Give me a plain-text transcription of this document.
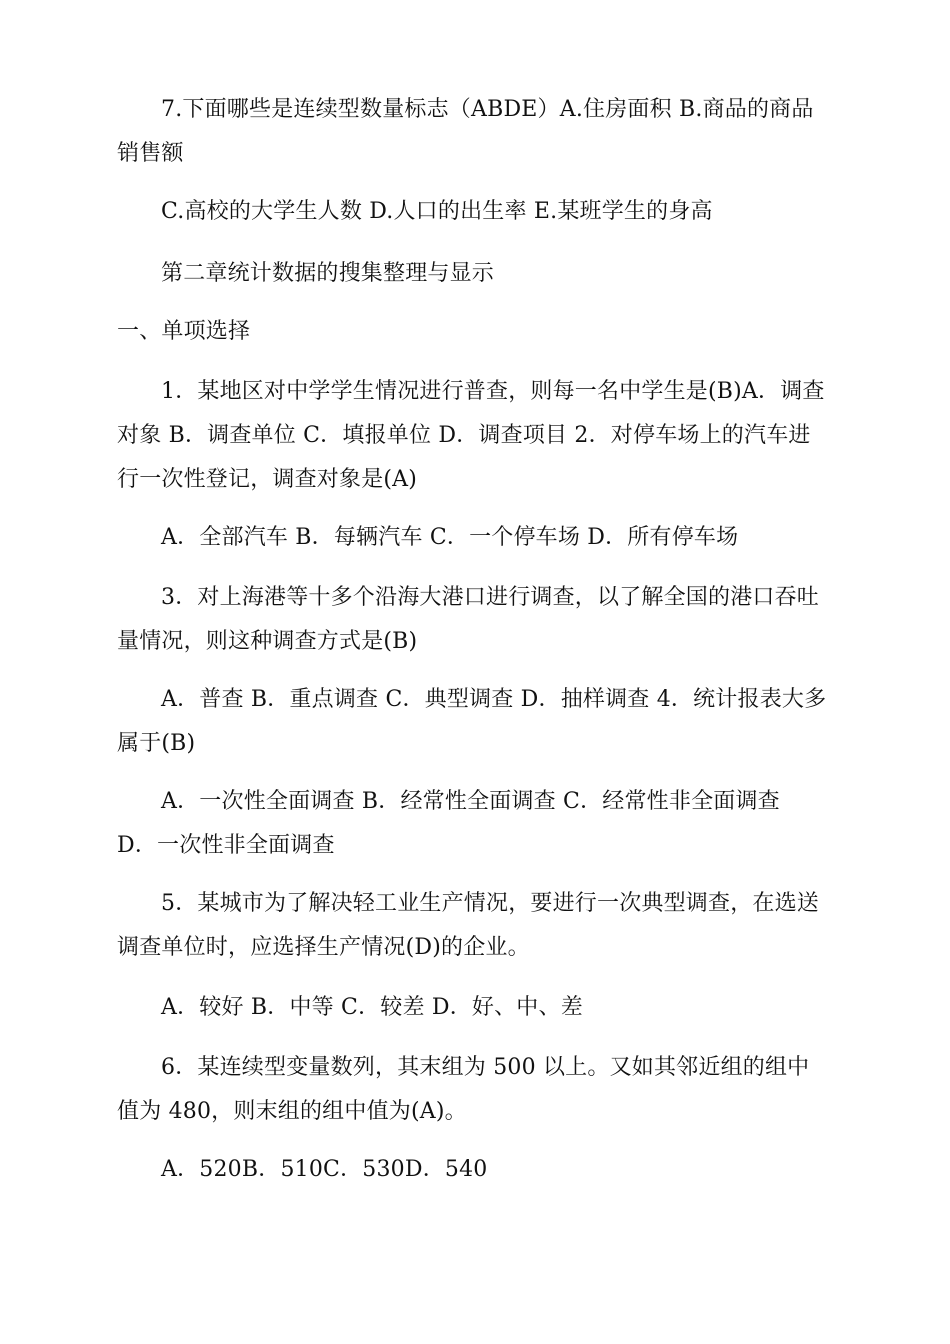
7.下面哪些是连续型数量标志（ABDE）A.住房面积 B.商品的商品销售额

C.高校的大学生人数 D.人口的出生率 E.某班学生的身高

第二章统计数据的搜集整理与显示

一、单项选择

1．某地区对中学学生情况进行普查，则每一名中学生是(B)A．调查对象 B．调查单位 C．填报单位 D．调查项目 2．对停车场上的汽车进行一次性登记，调查对象是(A)

A．全部汽车 B．每辆汽车 C．一个停车场 D．所有停车场

3．对上海港等十多个沿海大港口进行调查，以了解全国的港口吞吐量情况，则这种调查方式是(B)

A．普查 B．重点调查 C．典型调查 D．抽样调查 4．统计报表大多属于(B)

A．一次性全面调查 B．经常性全面调查 C．经常性非全面调查 D．一次性非全面调查

5．某城市为了解决轻工业生产情况，要进行一次典型调查，在选送调查单位时，应选择生产情况(D)的企业。

A．较好 B．中等 C．较差 D．好、中、差

6．某连续型变量数列，其末组为 500 以上。又如其邻近组的组中值为 480，则末组的组中值为(A)。

A．520B．510C．530D．540
